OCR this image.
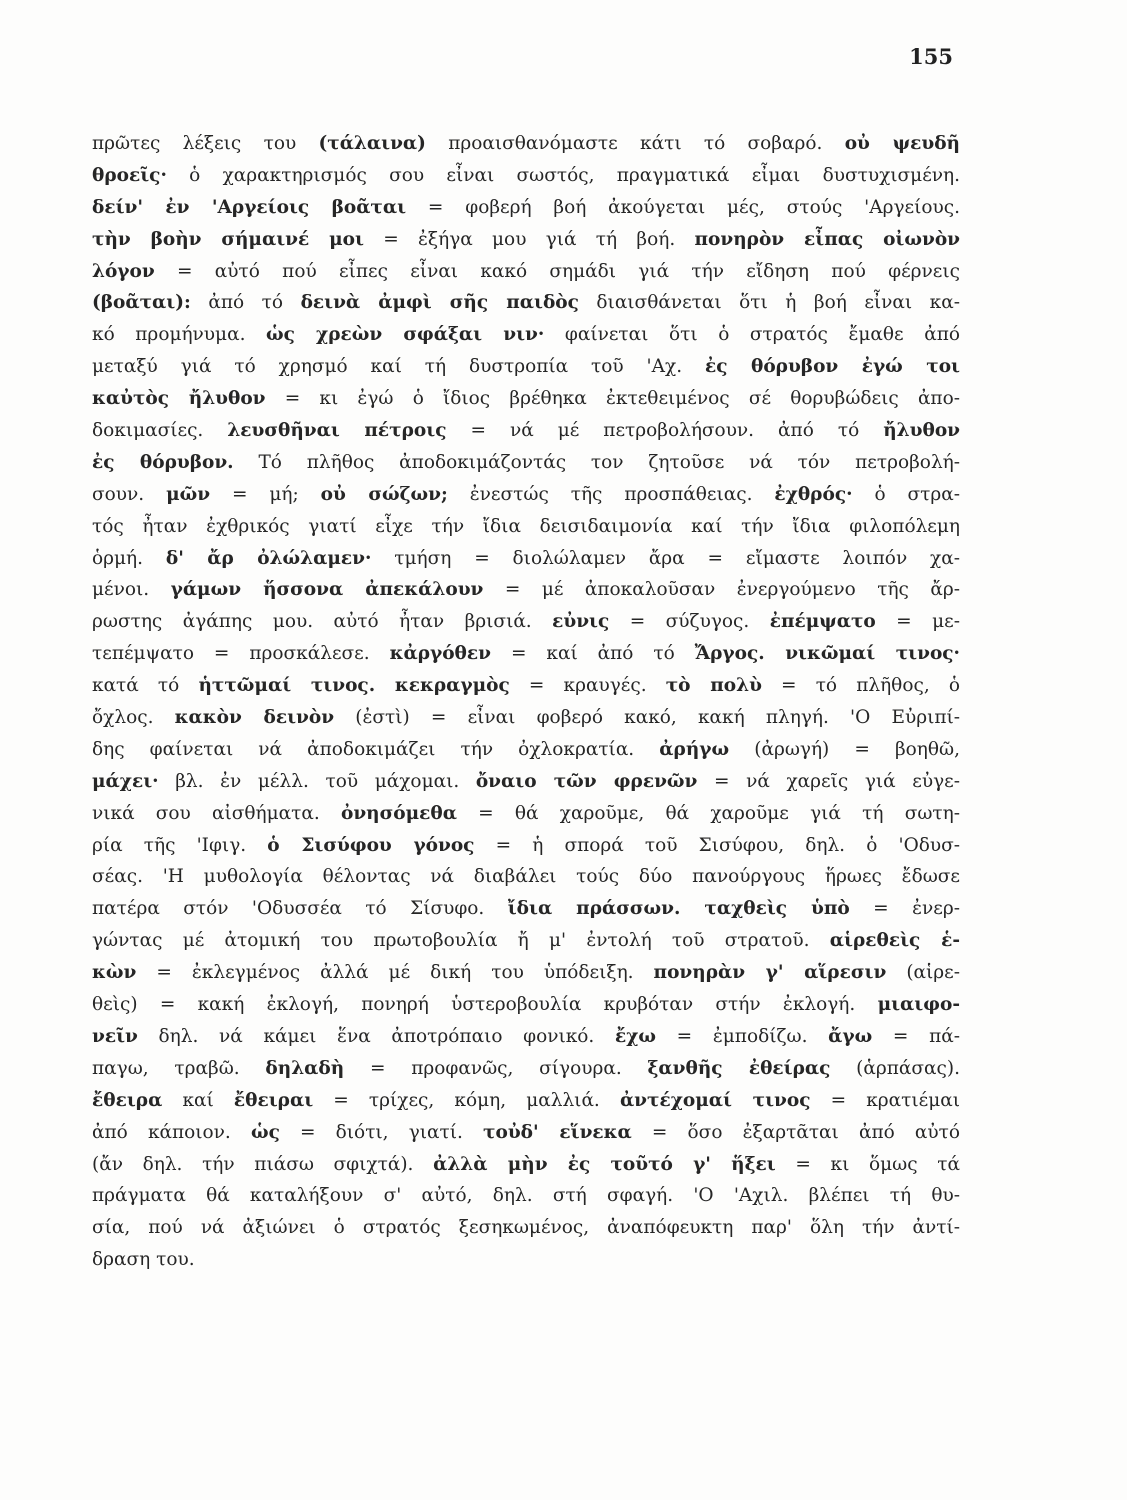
155
πρῶτες λέξεις του (τάλαινα) προαισθανόμαστε κάτι τό σοβαρό. οὐ ψευδῆ
θροεῖς· ὁ χαρακτηρισμός σου εἶναι σωστός, πραγματικά εἶμαι δυστυχισμένη.
δείν' ἐν 'Αργείοις βοᾶται = φοβερή βοή ἀκούγεται μές, στούς 'Αργείους.
τὴν βοὴν σήμαινέ μοι = ἐξήγα μου γιά τή βοή. πονηρὸν εἶπας οἰωνὸν
λόγον = αὐτό πού εἶπες εἶναι κακό σημάδι γιά τήν εἴδηση πού φέρνεις
(βοᾶται): ἀπό τό δεινὰ ἀμφὶ σῆς παιδὸς διαισθάνεται ὅτι ἡ βοή εἶναι κα-
κό προμήνυμα. ὡς χρεὼν σφάξαι νιν· φαίνεται ὅτι ὁ στρατός ἔμαθε ἀπό
μεταξύ γιά τό χρησμό καί τή δυστροπία τοῦ 'Αχ. ἐς θόρυβον ἐγώ τοι
καὐτὸς ἤλυθον = κι ἐγώ ὁ ἴδιος βρέθηκα ἐκτεθειμένος σέ θορυβώδεις ἀπο-
δοκιμασίες. λευσθῆναι πέτροις = νά μέ πετροβολήσουν. ἀπό τό ἤλυθον
ἐς θόρυβον. Τό πλῆθος ἀποδοκιμάζοντάς τον ζητοῦσε νά τόν πετροβολή-
σουν. μῶν = μή; οὐ σώζων; ἐνεστώς τῆς προσπάθειας. ἐχθρός· ὁ στρα-
τός ἦταν ἐχθρικός γιατί εἶχε τήν ἴδια δεισιδαιμονία καί τήν ἴδια φιλοπόλεμη
ὁρμή. δ' ἄρ ὀλώλαμεν· τμήση = διολώλαμεν ἄρα = εἴμαστε λοιπόν χα-
μένοι. γάμων ἥσσονα ἀπεκάλουν = μέ ἀποκαλοῦσαν ἐνεργούμενο τῆς ἄρ-
ρωστης ἀγάπης μου. αὐτό ἦταν βρισιά. εὐνις = σύζυγος. ἐπέμψατο = με-
τεπέμψατο = προσκάλεσε. κἀργόθεν = καί ἀπό τό Ἄργος. νικῶμαί τινος·
κατά τό ἡττῶμαί τινος. κεκραγμὸς = κραυγές. τὸ πολὺ = τό πλῆθος, ὁ
ὄχλος. κακὸν δεινὸν (ἐστὶ) = εἶναι φοβερό κακό, κακή πληγή. 'Ο Εὐριπί-
δης φαίνεται νά ἀποδοκιμάζει τήν ὀχλοκρατία. ἀρήγω (ἀρωγή) = βοηθῶ,
μάχει· βλ. ἐν μέλλ. τοῦ μάχομαι. ὄναιο τῶν φρενῶν = νά χαρεῖς γιά εὐγε-
νικά σου αἰσθήματα. ὀνησόμεθα = θά χαροῦμε, θά χαροῦμε γιά τή σωτη-
ρία τῆς 'Ιφιγ. ὁ Σισύφου γόνος = ἡ σπορά τοῦ Σισύφου, δηλ. ὁ 'Οδυσ-
σέας. 'Η μυθολογία θέλοντας νά διαβάλει τούς δύο πανούργους ἥρωες ἔδωσε
πατέρα στόν 'Οδυσσέα τό Σίσυφο. ἴδια πράσσων. ταχθεὶς ὑπὸ = ἐνερ-
γώντας μέ ἀτομική του πρωτοβουλία ἤ μ' ἐντολή τοῦ στρατοῦ. αἱρεθεὶς ἑ-
κὼν = ἐκλεγμένος ἀλλά μέ δική του ὑπόδειξη. πονηρὰν γ' αἵρεσιν (αἱρε-
θεὶς) = κακή ἐκλογή, πονηρή ὑστεροβουλία κρυβόταν στήν ἐκλογή. μιαιφο-
νεῖν δηλ. νά κάμει ἕνα ἀποτρόπαιο φονικό. ἔχω = ἐμποδίζω. ἄγω = πά-
παγω, τραβῶ. δηλαδὴ = προφανῶς, σίγουρα. ξανθῆς ἐθείρας (ἁρπάσας).
ἔθειρα καί ἔθειραι = τρίχες, κόμη, μαλλιά. ἀντέχομαί τινος = κρατιέμαι
ἀπό κάποιον. ὡς = διότι, γιατί. τοὐδ' εἵνεκα = ὅσο ἐξαρτᾶται ἀπό αὐτό
(ἄν δηλ. τήν πιάσω σφιχτά). ἀλλὰ μὴν ἐς τοῦτό γ' ἥξει = κι ὅμως τά
πράγματα θά καταλήξουν σ' αὐτό, δηλ. στή σφαγή. 'Ο 'Αχιλ. βλέπει τή θυ-
σία, πού νά ἀξιώνει ὁ στρατός ξεσηκωμένος, ἀναπόφευκτη παρ' ὅλη τήν ἀντί-
δραση του.
